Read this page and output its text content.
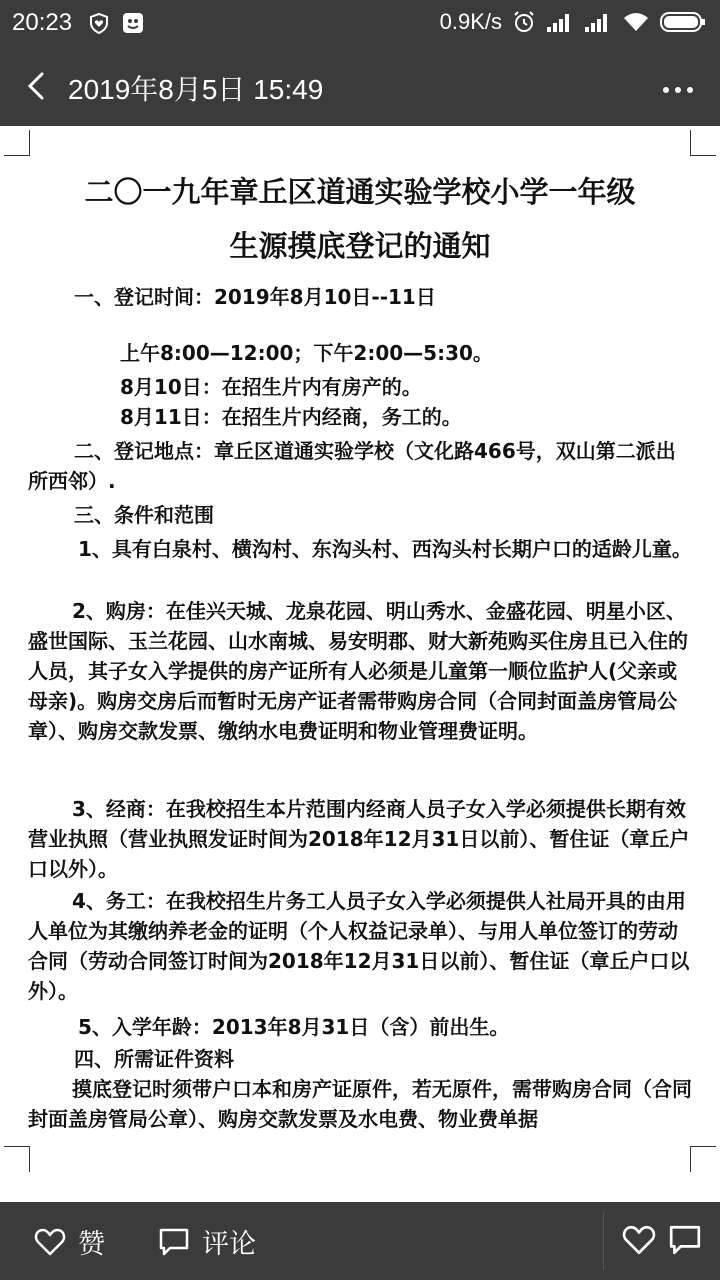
20:23	0.9K/s
2019年8月5日 15:49
二〇一九年章丘区道通实验学校小学一年级
生源摸底登记的通知
一、登记时间：2019年8月10日--11日
上午8:00—12:00；下午2:00—5:30。
8月10日：在招生片内有房产的。
8月11日：在招生片内经商，务工的。
二、登记地点：章丘区道通实验学校（文化路466号，双山第二派出所西邻）.
三、条件和范围
1、具有白泉村、横沟村、东沟头村、西沟头村长期户口的适龄儿童。
2、购房：在佳兴天城、龙泉花园、明山秀水、金盛花园、明星小区、盛世国际、玉兰花园、山水南城、易安明郡、财大新苑购买住房且已入住的人员，其子女入学提供的房产证所有人必须是儿童第一顺位监护人(父亲或母亲)。购房交房后而暂时无房产证者需带购房合同（合同封面盖房管局公章）、购房交款发票、缴纳水电费证明和物业管理费证明。
3、经商：在我校招生本片范围内经商人员子女入学必须提供长期有效营业执照（营业执照发证时间为2018年12月31日以前）、暂住证（章丘户口以外）。
4、务工：在我校招生片务工人员子女入学必须提供人社局开具的由用人单位为其缴纳养老金的证明（个人权益记录单）、与用人单位签订的劳动合同（劳动合同签订时间为2018年12月31日以前）、暂住证（章丘户口以外）。
5、入学年龄：2013年8月31日（含）前出生。
四、所需证件资料
摸底登记时须带户口本和房产证原件，若无原件，需带购房合同（合同封面盖房管局公章）、购房交款发票及水电费、物业费单据
赞	评论
